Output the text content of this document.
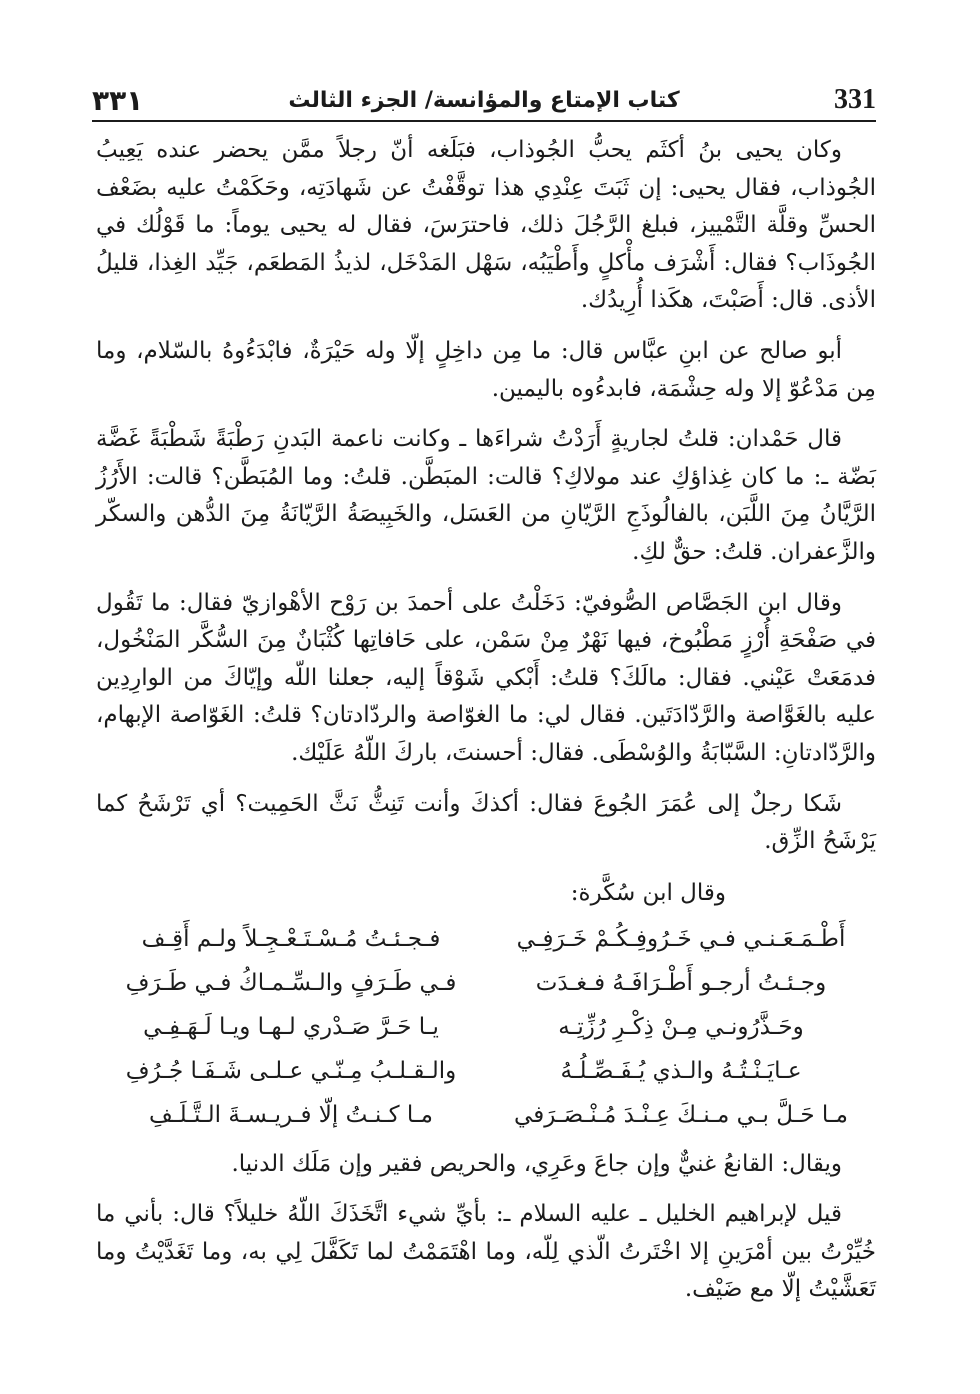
٣٣١	كتاب الإمتاع والمؤانسة/ الجزء الثالث	331

وكان يحيى بنُ أكثَم يحبُّ الجُوذاب، فبَلَغه أنّ رجلاً ممَّن يحضر عنده يَعِيبُ الجُوذاب، فقال يحيى: إن ثَبَتَ عِنْدِي هذا توقَّفْتُ عن شَهادَتِه، وحَكَمْتُ عليه بضَعْف الحسِّ وقلَّة التَّمْييز، فبلغ الرَّجُلَ ذلك، فاحترَسَ، فقال له يحيى يوماً: ما قَوْلُك في الجُوذَاب؟ فقال: أَشْرَف مأْكلٍ وأَطْيَبُه، سَهْل المَدْخَل، لذيذُ المَطعَم، جَيِّد الغِذا، قليلُ الأذى. قال: أَصَبْتَ، هكَذا أُرِيدُك.

أبو صالح عن ابنِ عبَّاس قال: ما مِن داخِلٍ إلّا وله حَيْرَةٌ، فابْدَءُوهُ بالسّلام، وما مِن مَدْعُوّ إلا وله حِشْمَة، فابدءُوه باليمين.

قال حَمْدان: قلتُ لجاريةٍ أَرَدْتُ شراءَها ـ وكانت ناعمة البَدنِ رَطْبَةً شَطْبَةً غَضَّة بَضّة ـ: ما كان غِذاؤكِ عند مولاكِ؟ قالت: المبَطَّن. قلتُ: وما المُبَطَّن؟ قالت: الأَرُزُ الرَّيَّانُ مِنَ اللَّبَن، بالفالُوذَجِ الرَّيّانِ من العَسَل، والخَبِيصَةُ الرَّيّانَةُ مِنَ الدُّهن والسكّر والزَّعفران. قلتُ: حقٌّ لكِ.

وقال ابن الجَصَّاص الصُّوفيّ: دَخَلْتُ على أحمدَ بن رَوْح الأهْوازيّ فقال: ما تَقُول في صَفْحَةِ أُرْزٍ مَطْبُوخ، فيها نَهْرٌ مِنْ سَمْن، على حَافاتِها كُثْبَانٌ مِنَ السُّكَّر المَنْخُول، فدمَعَتْ عَيْني. فقال: مالَكَ؟ قلتُ: أَبْكي شَوْقاً إليه، جعلنا اللّه وإيّاكَ من الوارِدِين عليه بالغَوَّاصة والرَّدّادَتَين. فقال لي: ما الغوّاصة والردّادتان؟ قلتُ: الغَوّاصة الإبهام، والرَّدّادتانِ: السَّبّابَةُ والوُسْطَى. فقال: أحسنتَ، باركَ اللّهُ عَلَيْك.

شَكا رجلٌ إلى عُمَرَ الجُوعَ فقال: أكذكَ وأنت تَنِثُّ نَثَّ الحَمِيت؟ أي تَرْشَحُ كما يَرْشَحُ الزِّق.

وقال ابن سُكَّرة:
أَطْـمَـعَـنـي فـي خَـرُوفِـكُـمْ خَـرَفِـي
فـجـئـتُ مُـسْـتَـعْـجِـلاً ولـم أَقِـف
وجـئـتُ أرجـو أَطْـرَافَـهُ فـغـدَت
فـي طَـرَفٍ والـسِّـمـاكُ فـي طَـرَفِ
وحَـذَّرُونـي مِـنْ ذِكْـرِ رُزِّتِـه
يـا حَـرَّ صَـدْري لـهـا ويـا لَـهَـفِـي
عـايَـنْـتُـهُ والـذي يُـفَـصِّـلُـهُ
والـقـلـبُ مِـنّـي عـلـى شَـفَـا جُـرُفِ
مـا حَـلَّ بـي مـنـكَ عِـنْـدَ مُـنْـصَـرَفي
مـا كـنـتُ إلّا فـريـسـةَ الـتَّـلَـفِ

ويقال: القانعُ غنيٌّ وإن جاعَ وعَرِي، والحريص فقير وإن مَلَك الدنيا.

قيل لإبراهيم الخليل ـ عليه السلام ـ: بأيِّ شيء اتَّخَذَكَ اللّهُ خليلاً؟ قال: بأني ما خُيِّرْتُ بين أمْرَينِ إلا اخْتَرتُ الّذي لِلّه، وما اهْتَمَمْتُ لما تَكَفَّلَ لِي به، وما تَغَدَّيْتُ وما تَعَشَّيْتُ إلّا مع ضَيْف.
